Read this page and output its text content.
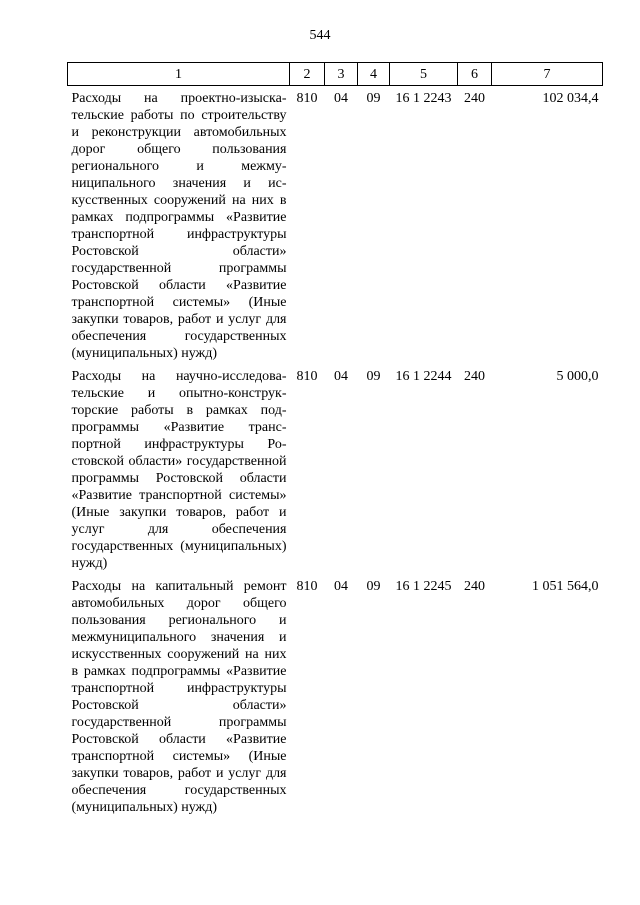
544
1	2	3	4	5	6	7
Расходы на проектно-изыскательские работы по строительству и реконструкции автомобильных дорог общего пользования регионального и межмуниципального значения и искусственных сооружений на них в рамках подпрограммы «Развитие транспортной инфраструктуры Ростовской области» государственной программы Ростовской области «Развитие транспортной системы» (Иные закупки товаров, работ и услуг для обеспечения государственных (муниципальных) нужд)	810	04	09	16 1 2243	240	102 034,4
Расходы на научно-исследовательские и опытно-конструкторские работы в рамках подпрограммы «Развитие транспортной инфраструктуры Ростовской области» государственной программы Ростовской области «Развитие транспортной системы» (Иные закупки товаров, работ и услуг для обеспечения государственных (муниципальных) нужд)	810	04	09	16 1 2244	240	5 000,0
Расходы на капитальный ремонт автомобильных дорог общего пользования регионального и межмуниципального значения и искусственных сооружений на них в рамках подпрограммы «Развитие транспортной инфраструктуры Ростовской области» государственной программы Ростовской области «Развитие транспортной системы» (Иные закупки товаров, работ и услуг для обеспечения государственных (муниципальных) нужд)	810	04	09	16 1 2245	240	1 051 564,0
